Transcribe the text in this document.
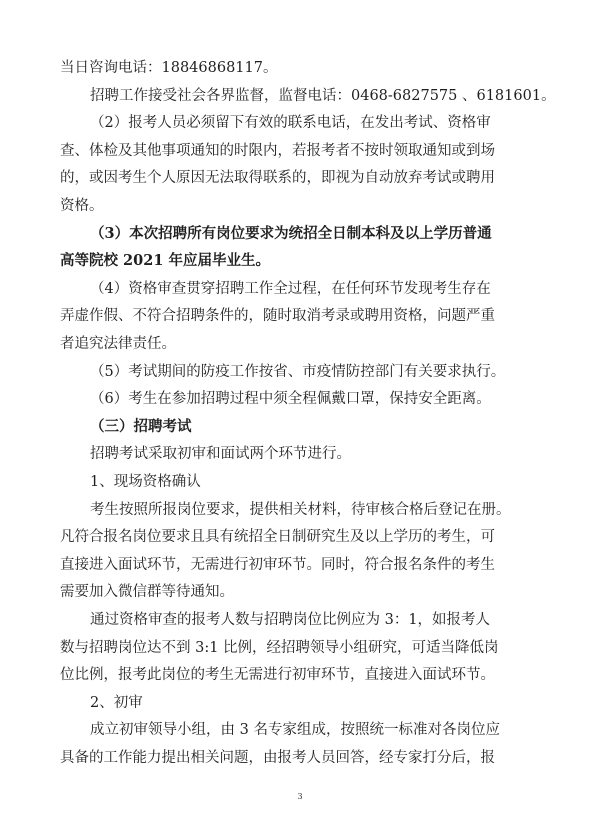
当日咨询电话：18846868117。
招聘工作接受社会各界监督，监督电话：0468-6827575 、6181601。
（2）报考人员必须留下有效的联系电话，在发出考试、资格审
查、体检及其他事项通知的时限内，若报考者不按时领取通知或到场
的，或因考生个人原因无法取得联系的，即视为自动放弃考试或聘用
资格。
（3）本次招聘所有岗位要求为统招全日制本科及以上学历普通
高等院校 2021 年应届毕业生。
（4）资格审查贯穿招聘工作全过程，在任何环节发现考生存在
弄虚作假、不符合招聘条件的，随时取消考录或聘用资格，问题严重
者追究法律责任。
（5）考试期间的防疫工作按省、市疫情防控部门有关要求执行。
（6）考生在参加招聘过程中须全程佩戴口罩，保持安全距离。
（三）招聘考试
招聘考试采取初审和面试两个环节进行。
1、现场资格确认
考生按照所报岗位要求，提供相关材料，待审核合格后登记在册。
凡符合报名岗位要求且具有统招全日制研究生及以上学历的考生，可
直接进入面试环节，无需进行初审环节。同时，符合报名条件的考生
需要加入微信群等待通知。
通过资格审查的报考人数与招聘岗位比例应为 3：1，如报考人
数与招聘岗位达不到 3:1 比例，经招聘领导小组研究，可适当降低岗
位比例，报考此岗位的考生无需进行初审环节，直接进入面试环节。
2、初审
成立初审领导小组，由 3 名专家组成，按照统一标准对各岗位应
具备的工作能力提出相关问题，由报考人员回答，经专家打分后，报
3
